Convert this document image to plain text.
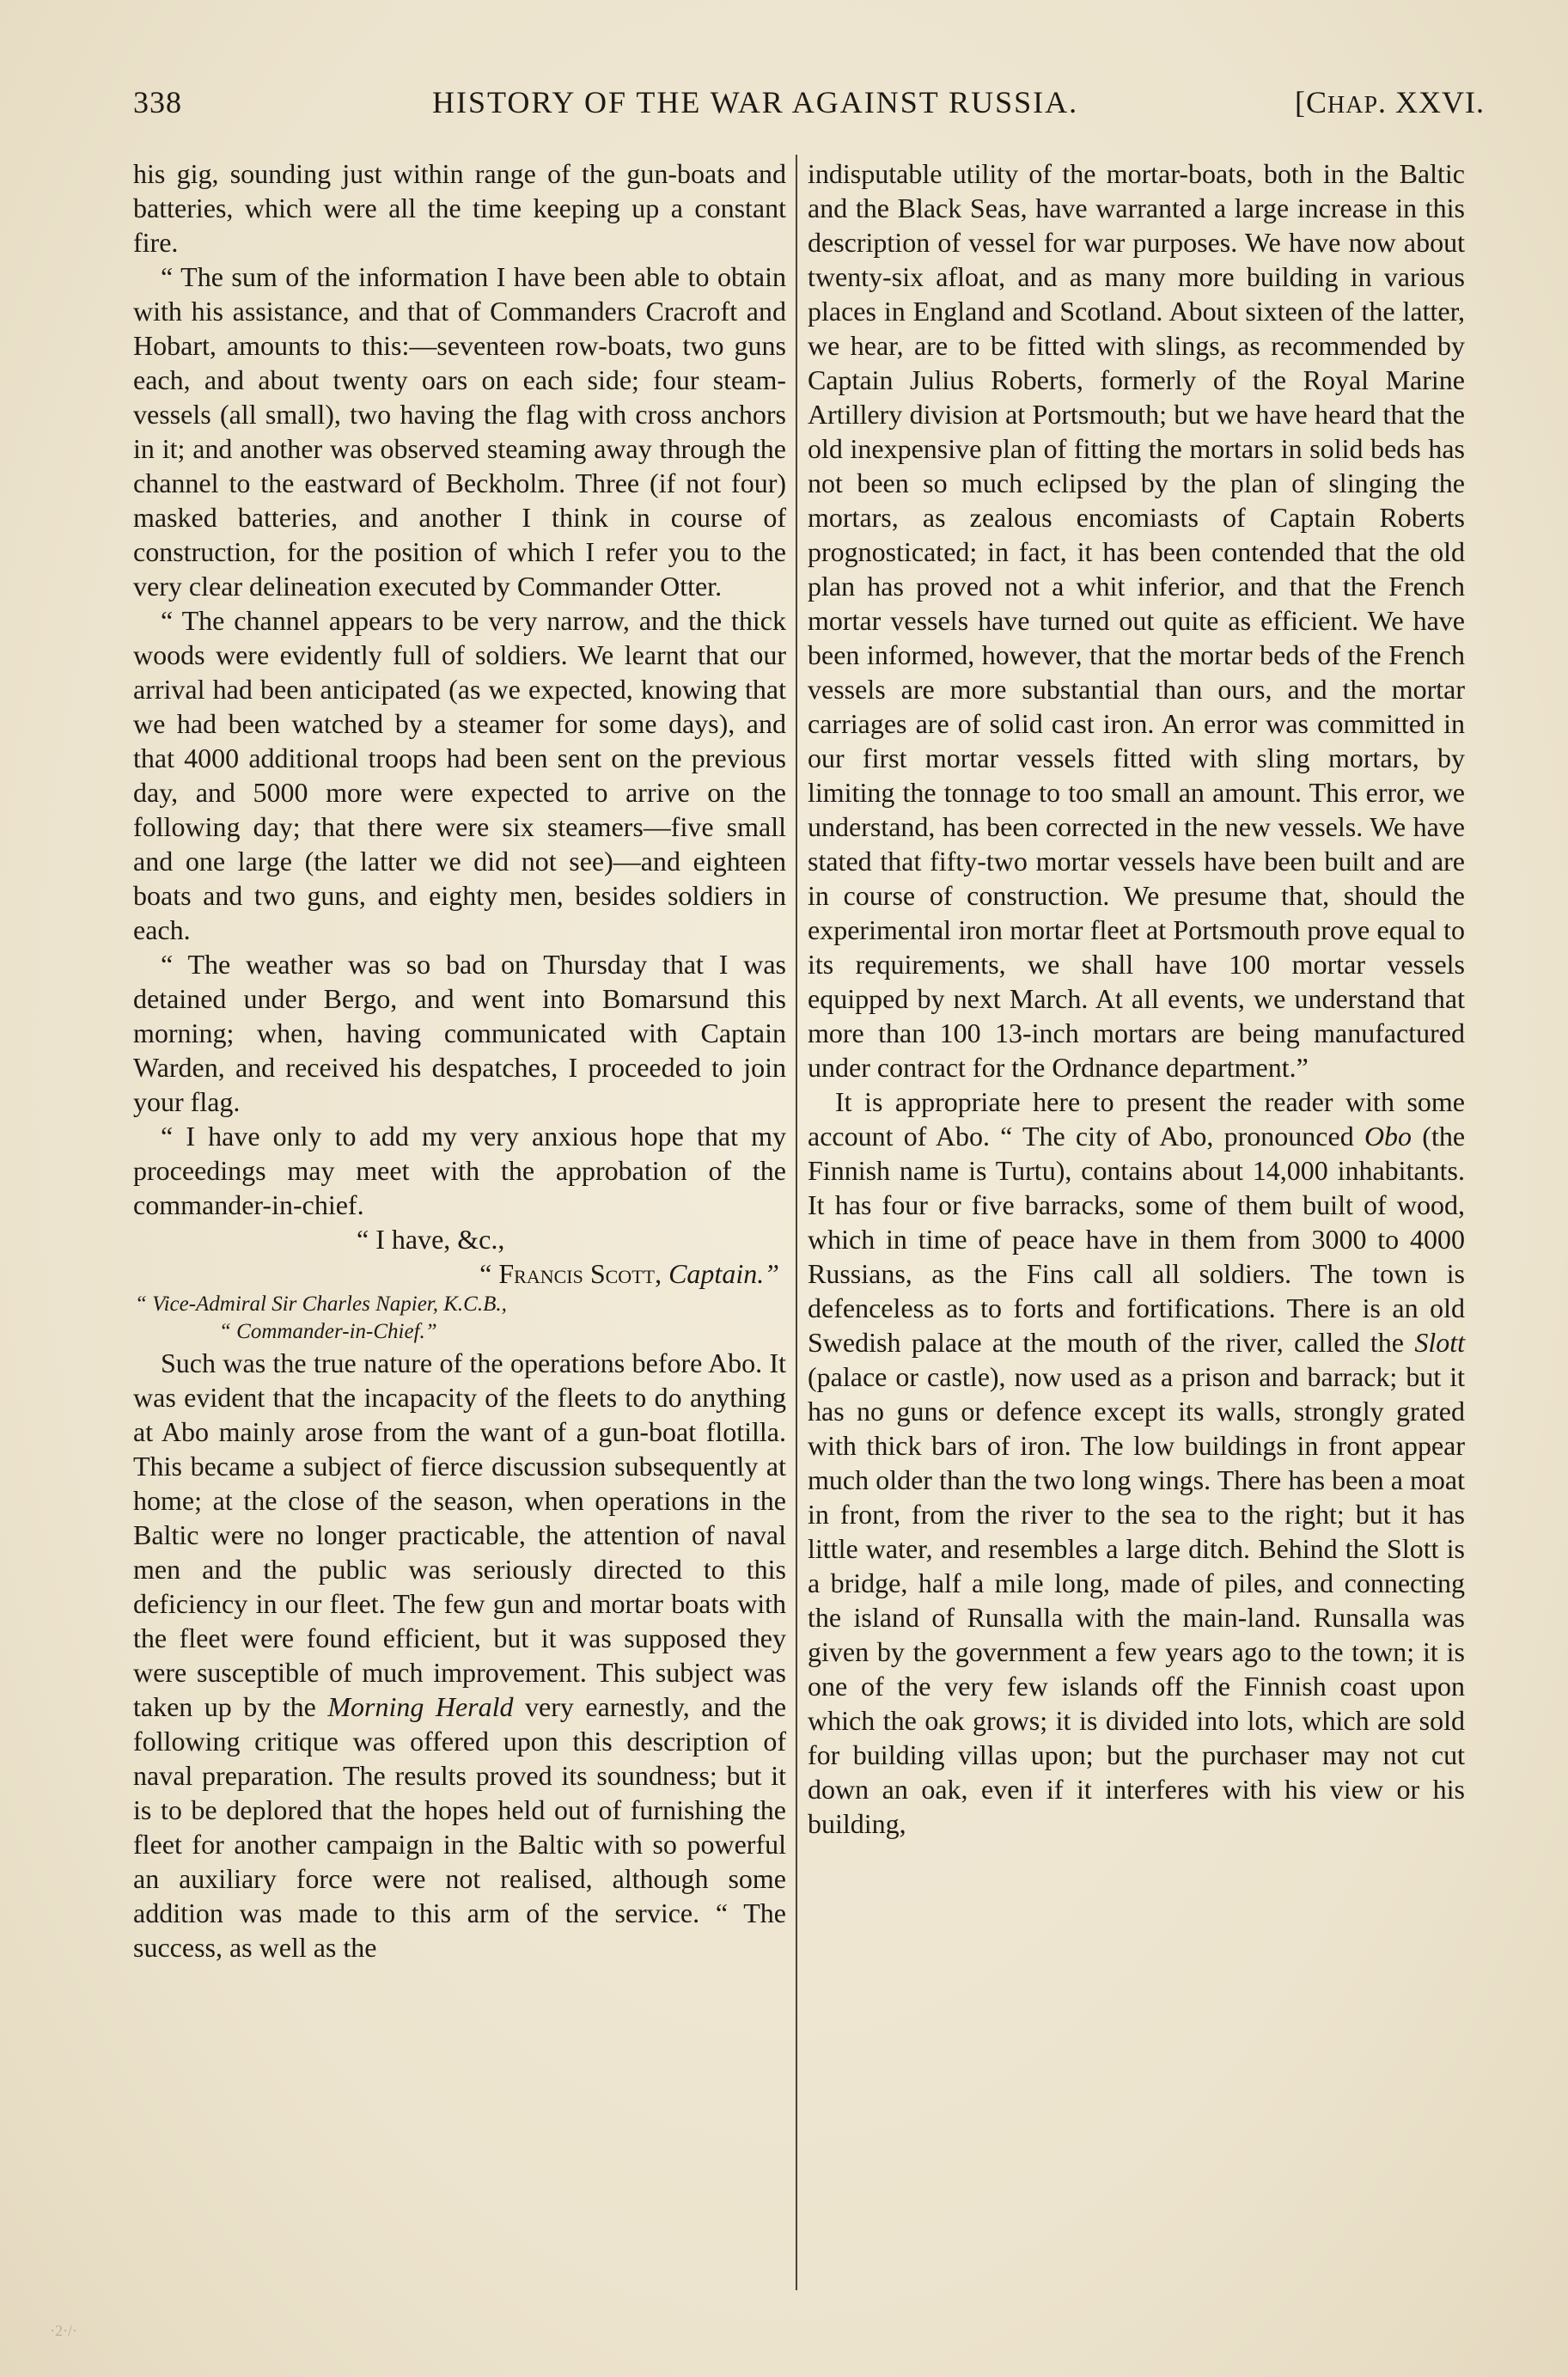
338	HISTORY OF THE WAR AGAINST RUSSIA.	[CHAP. XXVI.

his gig, sounding just within range of the gun-boats and batteries, which were all the time keeping up a constant fire.

“ The sum of the information I have been able to obtain with his assistance, and that of Commanders Cracroft and Hobart, amounts to this:—seventeen row-boats, two guns each, and about twenty oars on each side; four steam-vessels (all small), two having the flag with cross anchors in it; and another was observed steaming away through the channel to the eastward of Beckholm. Three (if not four) masked batteries, and another I think in course of construction, for the position of which I refer you to the very clear delineation executed by Commander Otter.

“ The channel appears to be very narrow, and the thick woods were evidently full of soldiers. We learnt that our arrival had been anticipated (as we expected, knowing that we had been watched by a steamer for some days), and that 4000 additional troops had been sent on the previous day, and 5000 more were expected to arrive on the following day; that there were six steamers—five small and one large (the latter we did not see)—and eighteen boats and two guns, and eighty men, besides soldiers in each.

“ The weather was so bad on Thursday that I was detained under Bergo, and went into Bomarsund this morning; when, having communicated with Captain Warden, and received his despatches, I proceeded to join your flag.

“ I have only to add my very anxious hope that my proceedings may meet with the approbation of the commander-in-chief.

“ I have, &c.,

“ Francis Scott, Captain.”

“ Vice-Admiral Sir Charles Napier, K.C.B.,

“ Commander-in-Chief.”

Such was the true nature of the operations before Abo. It was evident that the incapacity of the fleets to do anything at Abo mainly arose from the want of a gun-boat flotilla. This became a subject of fierce discussion subsequently at home; at the close of the season, when operations in the Baltic were no longer practicable, the attention of naval men and the public was seriously directed to this deficiency in our fleet. The few gun and mortar boats with the fleet were found efficient, but it was supposed they were susceptible of much improvement. This subject was taken up by the Morning Herald very earnestly, and the following critique was offered upon this description of naval preparation. The results proved its soundness; but it is to be deplored that the hopes held out of furnishing the fleet for another campaign in the Baltic with so powerful an auxiliary force were not realised, although some addition was made to this arm of the service. “ The success, as well as the

indisputable utility of the mortar-boats, both in the Baltic and the Black Seas, have warranted a large increase in this description of vessel for war purposes. We have now about twenty-six afloat, and as many more building in various places in England and Scotland. About sixteen of the latter, we hear, are to be fitted with slings, as recommended by Captain Julius Roberts, formerly of the Royal Marine Artillery division at Portsmouth; but we have heard that the old inexpensive plan of fitting the mortars in solid beds has not been so much eclipsed by the plan of slinging the mortars, as zealous encomiasts of Captain Roberts prognosticated; in fact, it has been contended that the old plan has proved not a whit inferior, and that the French mortar vessels have turned out quite as efficient. We have been informed, however, that the mortar beds of the French vessels are more substantial than ours, and the mortar carriages are of solid cast iron. An error was committed in our first mortar vessels fitted with sling mortars, by limiting the tonnage to too small an amount. This error, we understand, has been corrected in the new vessels. We have stated that fifty-two mortar vessels have been built and are in course of construction. We presume that, should the experimental iron mortar fleet at Portsmouth prove equal to its requirements, we shall have 100 mortar vessels equipped by next March. At all events, we understand that more than 100 13-inch mortars are being manufactured under contract for the Ordnance department.”

It is appropriate here to present the reader with some account of Abo. “ The city of Abo, pronounced Obo (the Finnish name is Turtu), contains about 14,000 inhabitants. It has four or five barracks, some of them built of wood, which in time of peace have in them from 3000 to 4000 Russians, as the Fins call all soldiers. The town is defenceless as to forts and fortifications. There is an old Swedish palace at the mouth of the river, called the Slott (palace or castle), now used as a prison and barrack; but it has no guns or defence except its walls, strongly grated with thick bars of iron. The low buildings in front appear much older than the two long wings. There has been a moat in front, from the river to the sea to the right; but it has little water, and resembles a large ditch. Behind the Slott is a bridge, half a mile long, made of piles, and connecting the island of Runsalla with the main-land. Runsalla was given by the government a few years ago to the town; it is one of the very few islands off the Finnish coast upon which the oak grows; it is divided into lots, which are sold for building villas upon; but the purchaser may not cut down an oak, even if it interferes with his view or his building,

·2·/·
